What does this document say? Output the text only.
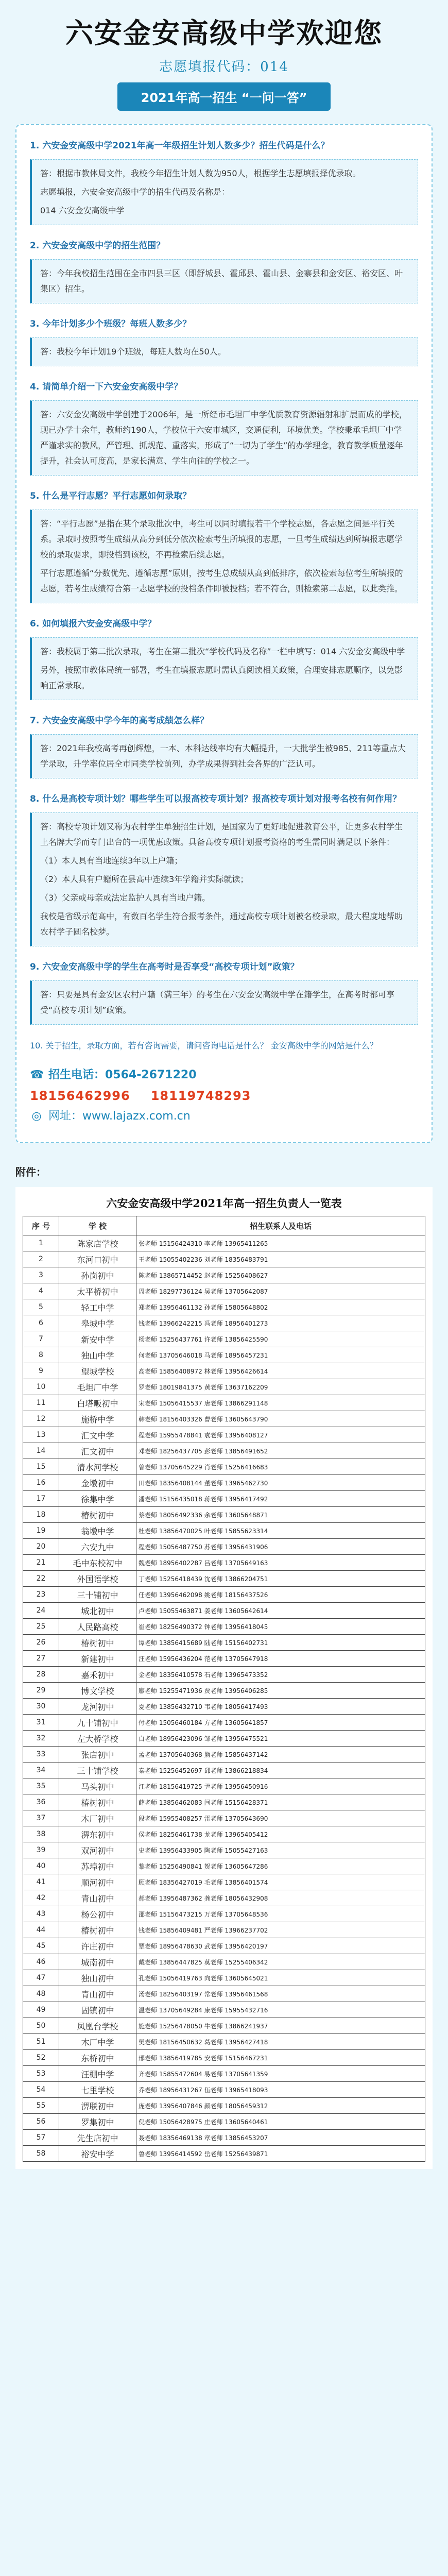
六安金安高级中学欢迎您
志愿填报代码：014
2021年高一招生 “一问一答”
1. 六安金安高级中学2021年高一年级招生计划人数多少？招生代码是什么？

答：根据市教体局文件，我校今年招生计划人数为950人，根据学生志愿填报择优录取。

志愿填报，六安金安高级中学的招生代码及名称是：

014 六安金安高级中学

2. 六安金安高级中学的招生范围？

答：今年我校招生范围在全市四县三区（即舒城县、霍邱县、霍山县、金寨县和金安区、裕安区、叶集区）招生。

3. 今年计划多少个班级？每班人数多少？

答：我校今年计划19个班级，每班人数均在50人。

4. 请简单介绍一下六安金安高级中学？

答：六安金安高级中学创建于2006年，是一所经市毛坦厂中学优质教育资源辐射和扩展而成的学校，现已办学十余年，教师约190人，学校位于六安市城区，交通便利，环境优美。学校秉承毛坦厂中学严谨求实的教风，严管理、抓规范、重落实，形成了“一切为了学生”的办学理念，教育教学质量逐年提升，社会认可度高，是家长满意、学生向往的学校之一。

5. 什么是平行志愿？平行志愿如何录取？

答：“平行志愿”是指在某个录取批次中，考生可以同时填报若干个学校志愿，各志愿之间是平行关系。录取时按照考生成绩从高分到低分依次检索考生所填报的志愿，一旦考生成绩达到所填报志愿学校的录取要求，即投档到该校，不再检索后续志愿。

平行志愿遵循“分数优先、遵循志愿”原则，按考生总成绩从高到低排序，依次检索每位考生所填报的志愿，若考生成绩符合第一志愿学校的投档条件即被投档；若不符合，则检索第二志愿，以此类推。

6. 如何填报六安金安高级中学？

答：我校属于第二批次录取，考生在第二批次“学校代码及名称”一栏中填写：014 六安金安高级中学

另外，按照市教体局统一部署，考生在填报志愿时需认真阅读相关政策，合理安排志愿顺序，以免影响正常录取。

7. 六安金安高级中学今年的高考成绩怎么样？

答：2021年我校高考再创辉煌，一本、本科达线率均有大幅提升，一大批学生被985、211等重点大学录取，升学率位居全市同类学校前列，办学成果得到社会各界的广泛认可。

8. 什么是高校专项计划？哪些学生可以报高校专项计划？报高校专项计划对报考名校有何作用？

答：高校专项计划又称为农村学生单独招生计划，是国家为了更好地促进教育公平，让更多农村学生上名牌大学而专门出台的一项优惠政策。具备高校专项计划报考资格的考生需同时满足以下条件：

（1）本人具有当地连续3年以上户籍；

（2）本人具有户籍所在县高中连续3年学籍并实际就读；

（3）父亲或母亲或法定监护人具有当地户籍。

我校是省级示范高中，有数百名学生符合报考条件，通过高校专项计划被名校录取，最大程度地帮助农村学子圆名校梦。

9. 六安金安高级中学的学生在高考时是否享受“高校专项计划”政策？

答：只要是具有金安区农村户籍（满三年）的考生在六安金安高级中学在籍学生，在高考时都可享受“高校专项计划”政策。

10. 关于招生，录取方面，若有咨询需要，请问咨询电话是什么？ 金安高级中学的网站是什么？
☎ 招生电话：0564-2671220
18156462996 18119748293
◎ 网址：www.lajazx.com.cn
附件：
六安金安高级中学2021年高一招生负责人一览表
序 号	学 校	招生联系人及电话
1	陈家店学校	张老师 15156424310 李老师 13965411265
2	东河口初中	王老师 15055402236 刘老师 18356483791
3	孙岗初中	陈老师 13865714452 赵老师 15256408627
4	太平桥初中	周老师 18297736124 吴老师 13705642087
5	轻工中学	郑老师 13956461132 孙老师 15805648802
6	皋城中学	钱老师 13966242215 冯老师 18956401273
7	新安中学	杨老师 15256437761 许老师 13856425590
8	独山中学	何老师 13705646018 马老师 18956457231
9	望城学校	高老师 15856408972 林老师 13956426614
10	毛坦厂中学	罗老师 18019841375 黄老师 13637162209
11	白塔畈初中	宋老师 15056415537 唐老师 13866291148
12	施桥中学	韩老师 18156403326 曹老师 13605643790
13	汇文中学	程老师 15955478841 袁老师 13956408127
14	汇文初中	邓老师 18256437705 彭老师 13856491652
15	清水河学校	曾老师 13705645229 肖老师 15256416683
16	金墩初中	田老师 18356408144 董老师 13965462730
17	徐集中学	潘老师 15156435018 蒋老师 13956417492
18	椿树初中	蔡老师 18056492336 余老师 13605648871
19	翁墩中学	杜老师 13856470025 叶老师 15855623314
20	六安九中	程老师 15056487750 苏老师 13956431906
21	毛中东校初中	魏老师 18956402287 吕老师 13705649163
22	外国语学校	丁老师 15256418439 沈老师 13866204751
23	三十铺初中	任老师 13956462098 姚老师 18156437526
24	城北初中	卢老师 15055463871 姜老师 13605642614
25	人民路高校	崔老师 18256490372 钟老师 13956418045
26	椿树初中	谭老师 13856415689 陆老师 15156402731
27	新建初中	汪老师 15956436204 范老师 13705647918
28	嘉禾初中	金老师 18356410578 石老师 13965473352
29	博文学校	廖老师 15255471936 贾老师 13956406285
30	龙河初中	夏老师 13856432710 韦老师 18056417493
31	九十铺初中	付老师 15056460184 方老师 13605641857
32	左大桥学校	白老师 18956423096 邹老师 13956475521
33	张店初中	孟老师 13705640368 熊老师 15856437142
34	三十铺学校	秦老师 15256452697 邱老师 13866218834
35	马头初中	江老师 18156419725 尹老师 13956450916
36	椿树初中	薛老师 13856462083 闫老师 15156428371
37	木厂初中	段老师 15955408257 雷老师 13705643690
38	淠东初中	侯老师 18256461738 龙老师 13965405412
39	双河初中	史老师 13956433905 陶老师 15055427163
40	苏埠初中	黎老师 15256490841 贺老师 13605647286
41	顺河初中	顾老师 18356427019 毛老师 13856401574
42	青山初中	郝老师 13956487362 龚老师 18056432908
43	杨公初中	邵老师 15156473215 万老师 13705648536
44	椿树初中	钱老师 15856409481 严老师 13966237702
45	许庄初中	覃老师 18956478630 武老师 13956420197
46	城南初中	戴老师 13856447825 莫老师 15255406342
47	独山初中	孔老师 15056419763 向老师 13605645021
48	青山初中	汤老师 18256403197 常老师 13956461568
49	固镇初中	温老师 13705649284 康老师 15955432716
50	凤凰台学校	施老师 15256478050 牛老师 13866241937
51	木厂中学	樊老师 18156450632 葛老师 13956427418
52	东桥初中	邢老师 13856419785 安老师 15156467231
53	汪棚中学	齐老师 15855472604 易老师 13705641359
54	七里学校	乔老师 18956431267 伍老师 13965418093
55	淠联初中	庞老师 13956407846 颜老师 18056459312
56	罗集初中	倪老师 15056428975 庄老师 13605640461
57	先生店初中	聂老师 18356469138 章老师 13856453207
58	裕安中学	鲁老师 13956414592 岳老师 15256439871
